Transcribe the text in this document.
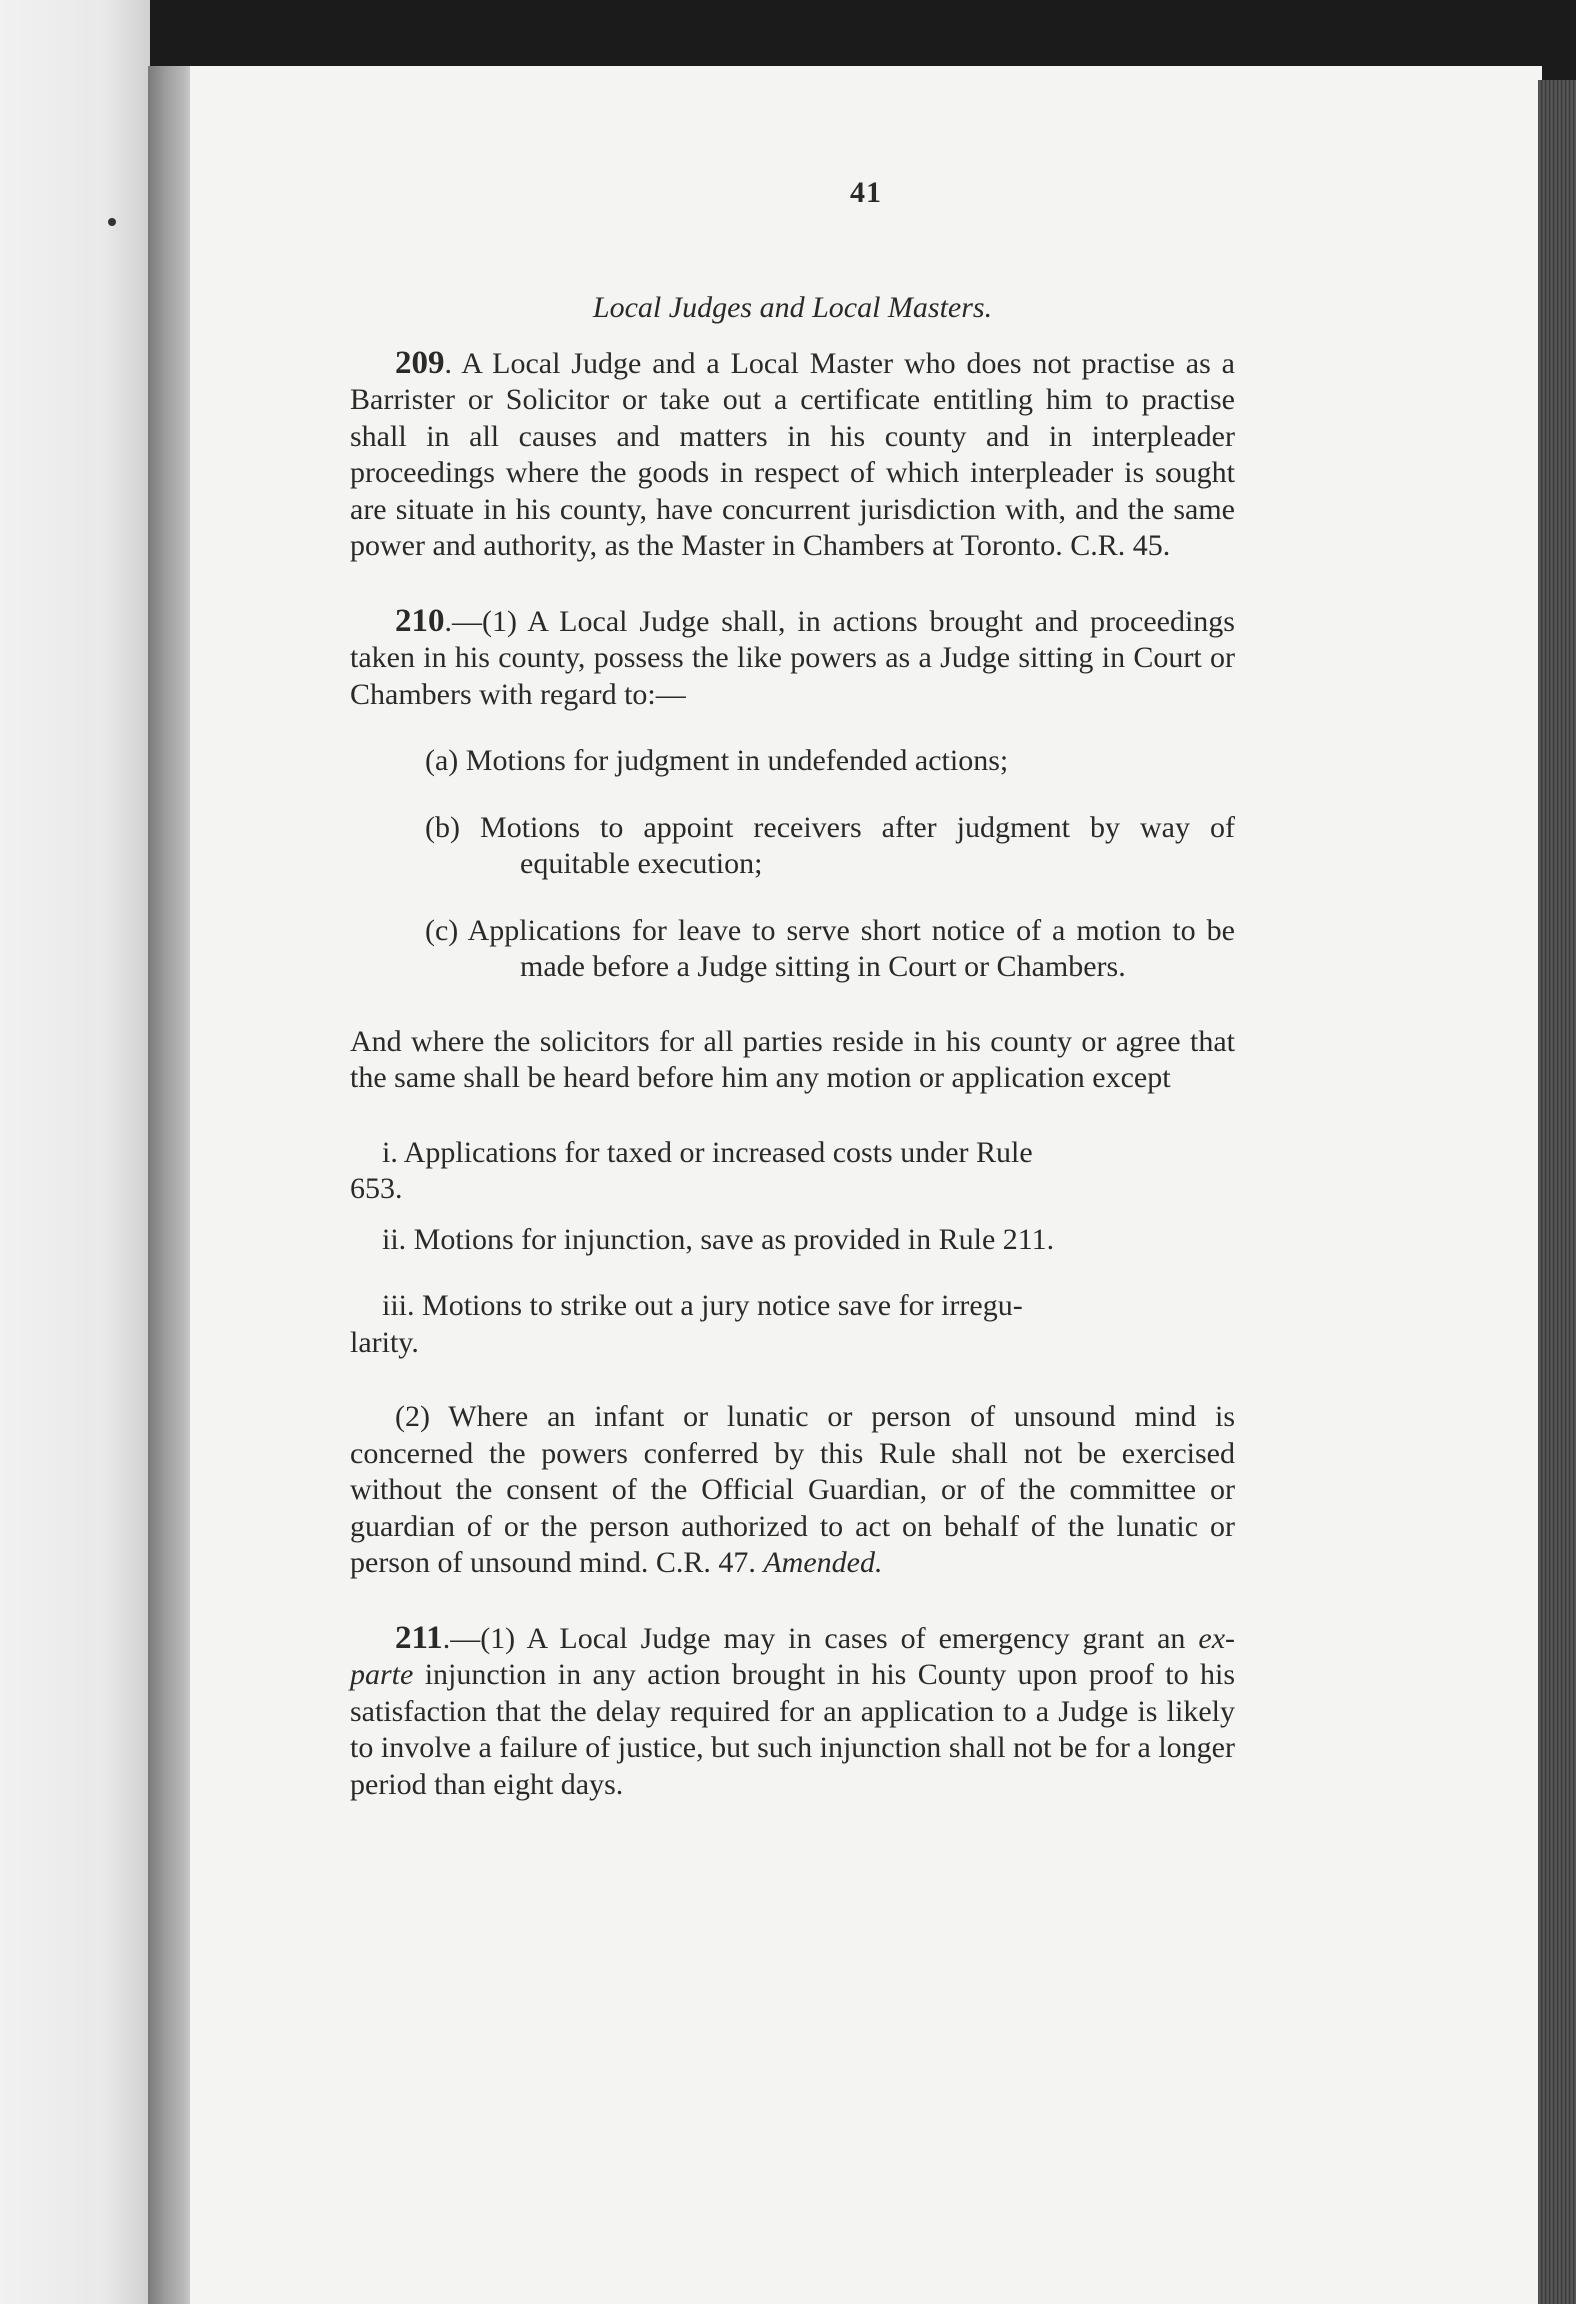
41

Local Judges and Local Masters.

209. A Local Judge and a Local Master who does not practise as a Barrister or Solicitor or take out a certificate entitling him to practise shall in all causes and matters in his county and in interpleader proceedings where the goods in respect of which interpleader is sought are situate in his county, have concurrent jurisdiction with, and the same power and authority, as the Master in Chambers at Toronto. C.R. 45.

210.—(1) A Local Judge shall, in actions brought and proceedings taken in his county, possess the like powers as a Judge sitting in Court or Chambers with regard to:—

(a) Motions for judgment in undefended actions;

(b) Motions to appoint receivers after judgment by way of equitable execution;

(c) Applications for leave to serve short notice of a motion to be made before a Judge sitting in Court or Chambers.

And where the solicitors for all parties reside in his county or agree that the same shall be heard before him any motion or application except

i. Applications for taxed or increased costs under Rule

653.

ii. Motions for injunction, save as provided in Rule 211.

iii. Motions to strike out a jury notice save for irregu-

larity.

(2) Where an infant or lunatic or person of unsound mind is concerned the powers conferred by this Rule shall not be exercised without the consent of the Official Guardian, or of the committee or guardian of or the person authorized to act on behalf of the lunatic or person of unsound mind. C.R. 47. Amended.

211.—(1) A Local Judge may in cases of emergency grant an ex-parte injunction in any action brought in his County upon proof to his satisfaction that the delay required for an application to a Judge is likely to involve a failure of justice, but such injunction shall not be for a longer period than eight days.
